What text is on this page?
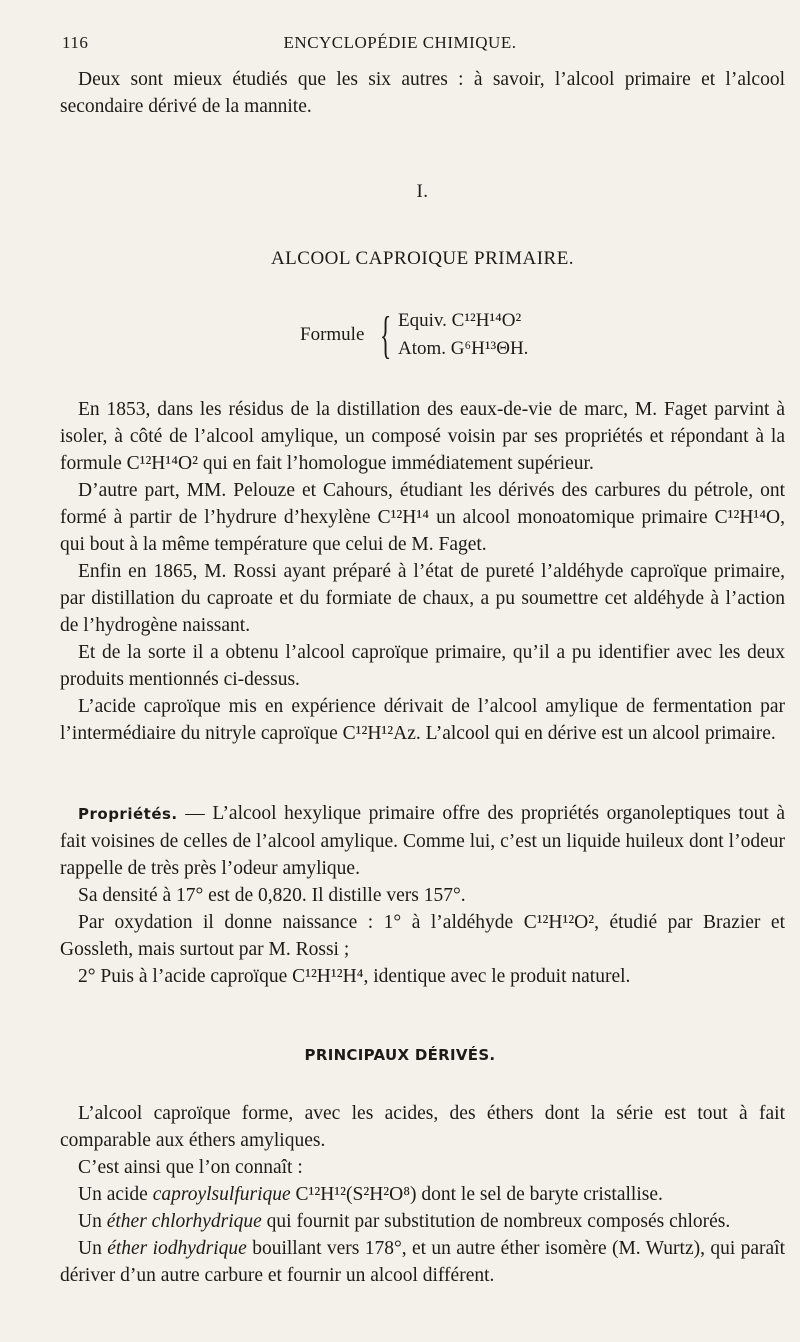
116	ENCYCLOPÉDIE CHIMIQUE.

Deux sont mieux étudiés que les six autres : à savoir, l’alcool primaire et l’alcool secondaire dérivé de la mannite.

I.
ALCOOL CAPROIQUE PRIMAIRE.
Formule { Equiv. C¹²H¹⁴O²
Atom. G⁶H¹³ΘH.

En 1853, dans les résidus de la distillation des eaux-de-vie de marc, M. Faget parvint à isoler, à côté de l’alcool amylique, un composé voisin par ses propriétés et répondant à la formule C¹²H¹⁴O² qui en fait l’homologue immédiatement supérieur.

D’autre part, MM. Pelouze et Cahours, étudiant les dérivés des carbures du pétrole, ont formé à partir de l’hydrure d’hexylène C¹²H¹⁴ un alcool monoatomique primaire C¹²H¹⁴O, qui bout à la même température que celui de M. Faget.

Enfin en 1865, M. Rossi ayant préparé à l’état de pureté l’aldéhyde caproïque primaire, par distillation du caproate et du formiate de chaux, a pu soumettre cet aldéhyde à l’action de l’hydrogène naissant.

Et de la sorte il a obtenu l’alcool caproïque primaire, qu’il a pu identifier avec les deux produits mentionnés ci-dessus.

L’acide caproïque mis en expérience dérivait de l’alcool amylique de fermentation par l’intermédiaire du nitryle caproïque C¹²H¹²Az. L’alcool qui en dérive est un alcool primaire.

Propriétés. — L’alcool hexylique primaire offre des propriétés organoleptiques tout à fait voisines de celles de l’alcool amylique. Comme lui, c’est un liquide huileux dont l’odeur rappelle de très près l’odeur amylique.

Sa densité à 17° est de 0,820. Il distille vers 157°.

Par oxydation il donne naissance : 1° à l’aldéhyde C¹²H¹²O², étudié par Brazier et Gossleth, mais surtout par M. Rossi ;

2° Puis à l’acide caproïque C¹²H¹²H⁴, identique avec le produit naturel.

PRINCIPAUX DÉRIVÉS.

L’alcool caproïque forme, avec les acides, des éthers dont la série est tout à fait comparable aux éthers amyliques.

C’est ainsi que l’on connaît :

Un acide caproylsulfurique C¹²H¹²(S²H²O⁸) dont le sel de baryte cristallise.

Un éther chlorhydrique qui fournit par substitution de nombreux composés chlorés.

Un éther iodhydrique bouillant vers 178°, et un autre éther isomère (M. Wurtz), qui paraît dériver d’un autre carbure et fournir un alcool différent.
